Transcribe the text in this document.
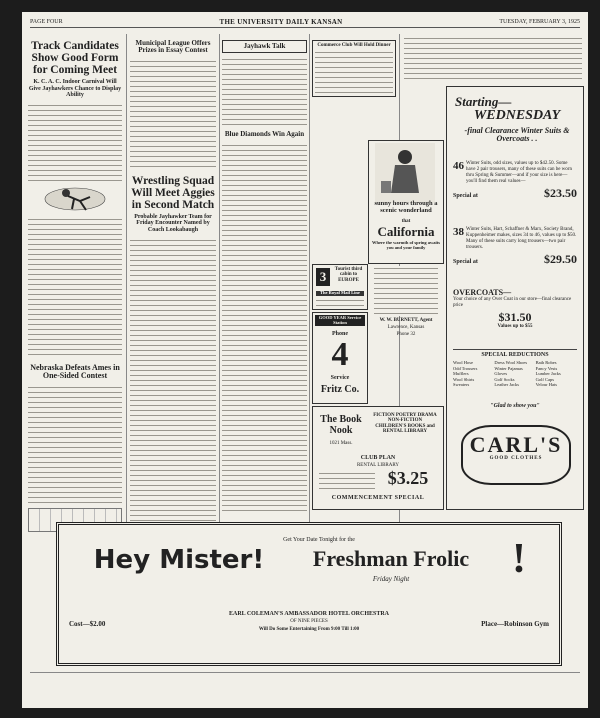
PAGE FOUR	THE UNIVERSITY DAILY KANSAN	TUESDAY, FEBRUARY 3, 1925
Track Candidates Show Good Form for Coming Meet
K. C. A. C. Indoor Carnival Will Give Jayhawkers Chance to Display Ability
Nebraska Defeats Ames in One-Sided Contest
Municipal League Offers Prizes in Essay Contest
Wrestling Squad Will Meet Aggies in Second Match
Probable Jayhawker Team for Friday Encounter Named by Coach Lookabaugh
Jayhawk Talk
Blue Diamonds Win Again
Commerce Club Will Hold Dinner
sunny hours through a scenic wonderland
that
California
Where the warmth of spring awaits you and your family
W. W. BURNETT, Agent
Lawrence, Kansas
Phone 32
3	Tourist third cabin to EUROPE
The Royal Mail Line
GOOD YEAR Service Station
Phone
4
Service
Fritz Co.
The Book Nook
1021 Mass.
FICTION POETRY DRAMA NON-FICTION CHILDREN'S BOOKS and RENTAL LIBRARY
CLUB PLAN
RENTAL LIBRARY
$3.25
COMMENCEMENT SPECIAL
Starting—
WEDNESDAY
-final Clearance Winter Suits & Overcoats . .
46 Winter Suits, odd sizes, values up to $42.50. Some have 2 pair trousers, many of these suits can be worn thru Spring & Summer—and if your size is here—you'll find them real values—
Special at	$23.50
38 Winter Suits, Hart, Schaffner & Marx, Society Brand, Kuppenheimer makes, sizes 34 to 46, values up to $50. Many of these suits carry long trousers—two pair trousers.
Special at	$29.50
OVERCOATS—
Your choice of any Over Coat in our store—final clearance price
$31.50
Values up to $55
SPECIAL REDUCTIONS
Wool Hose	Dress Wool Shoes	Bath Robes
Odd Trousers	Winter Pajamas	Fancy Vests
Mufflers	Gloves	Lumber Jacks
Wool Shirts	Golf Socks	Golf Caps
Sweaters	Leather Jacks	Velour Hats
"Glad to show you"
CARL'S
GOOD CLOTHES
Get Your Date Tonight for the
Hey Mister!	Freshman Frolic
Friday Night	!
EARL COLEMAN'S AMBASSADOR HOTEL ORCHESTRA
OF NINE PIECES
Will Do Some Entertaining From 9:00 Till 1:00
Cost—$2.00	Place—Robinson Gym
